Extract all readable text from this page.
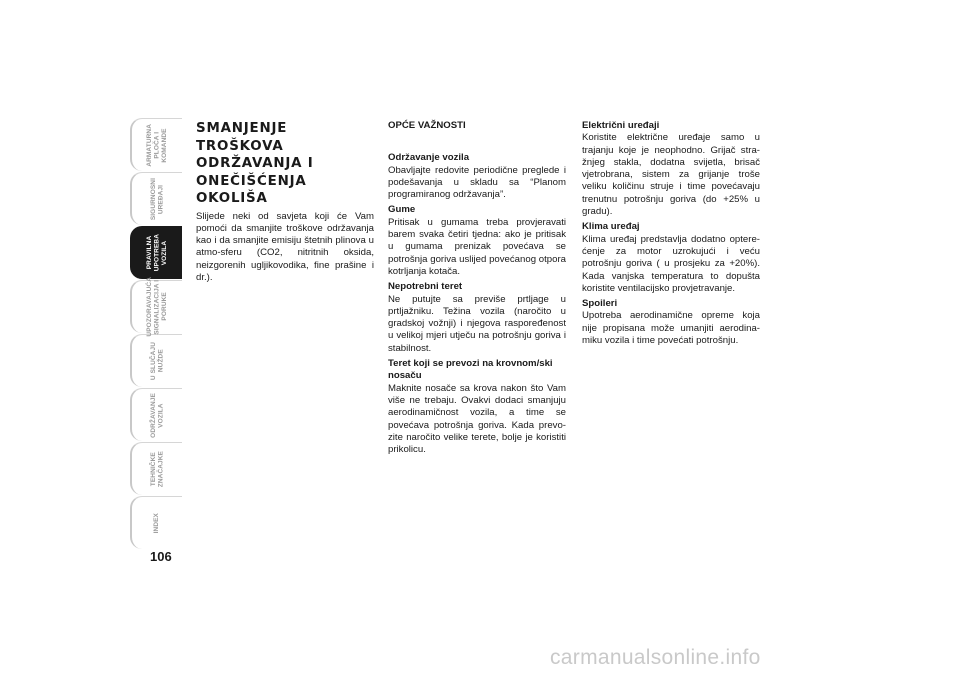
ARMATURNA
PLOČA I
KOMANDE
SIGURNOSNI
UREĐAJI
PRAVILNA
UPOTREBA
VOZILA
UPOZORAVAJUĆA
SIGNALIZACIJA I
PORUKE
U SLUČAJU
NUŽDE
ODRŽAVANJE
VOZILA
TEHNIČKE
ZNAČAJKE
INDEX
106
SMANJENJE
TROŠKOVA
ODRŽAVANJA I
ONEČIŠĆENJA
OKOLIŠA

Slijede neki od savjeta koji će Vam pomoći da smanjite troškove održavanja kao i da smanjite emisiju štetnih plinova u atmo-sferu (CO2, nitritnih oksida, neizgorenih ugljikovodika, fine prašine i dr.).

OPĆE VAŽNOSTI
Održavanje vozila

Obavljajte redovite periodične preglede i podešavanja u skladu sa “Planom programiranog održavanja”.

Gume

Pritisak u gumama treba provjeravati barem svaka četiri tjedna: ako je pritisak u gumama prenizak povećava se potrošnja goriva uslijed povećanog otpora kotrljanja kotača.

Nepotrebni teret

Ne putujte sa previše prtljage u prtljažniku. Težina vozila (naročito u gradskoj vožnji) i njegova raspoređenost u velikoj mjeri utječu na potrošnju goriva i stabilnost.

Teret koji se prevozi na krovnom/ski nosaču

Maknite nosače sa krova nakon što Vam više ne trebaju. Ovakvi dodaci smanjuju aerodinamičnost vozila, a time se povećava potrošnja goriva. Kada prevo-zite naročito velike terete, bolje je koristiti prikolicu.

Električni uređaji

Koristite električne uređaje samo u trajanju koje je neophodno. Grijač stra-žnjeg stakla, dodatna svijetla, brisač vjetrobrana, sistem za grijanje troše veliku količinu struje i time povećavaju trenutnu potrošnju goriva (do +25% u gradu).

Klima uređaj

Klima uređaj predstavlja dodatno optere-ćenje za motor uzrokujući i veću potrošnju goriva ( u prosjeku za +20%). Kada vanjska temperatura to dopušta koristite ventilacijsko provjetravanje.

Spoileri

Upotreba aerodinamične opreme koja nije propisana može umanjiti aerodina-miku vozila i time povećati potrošnju.

carmanualsonline.info
